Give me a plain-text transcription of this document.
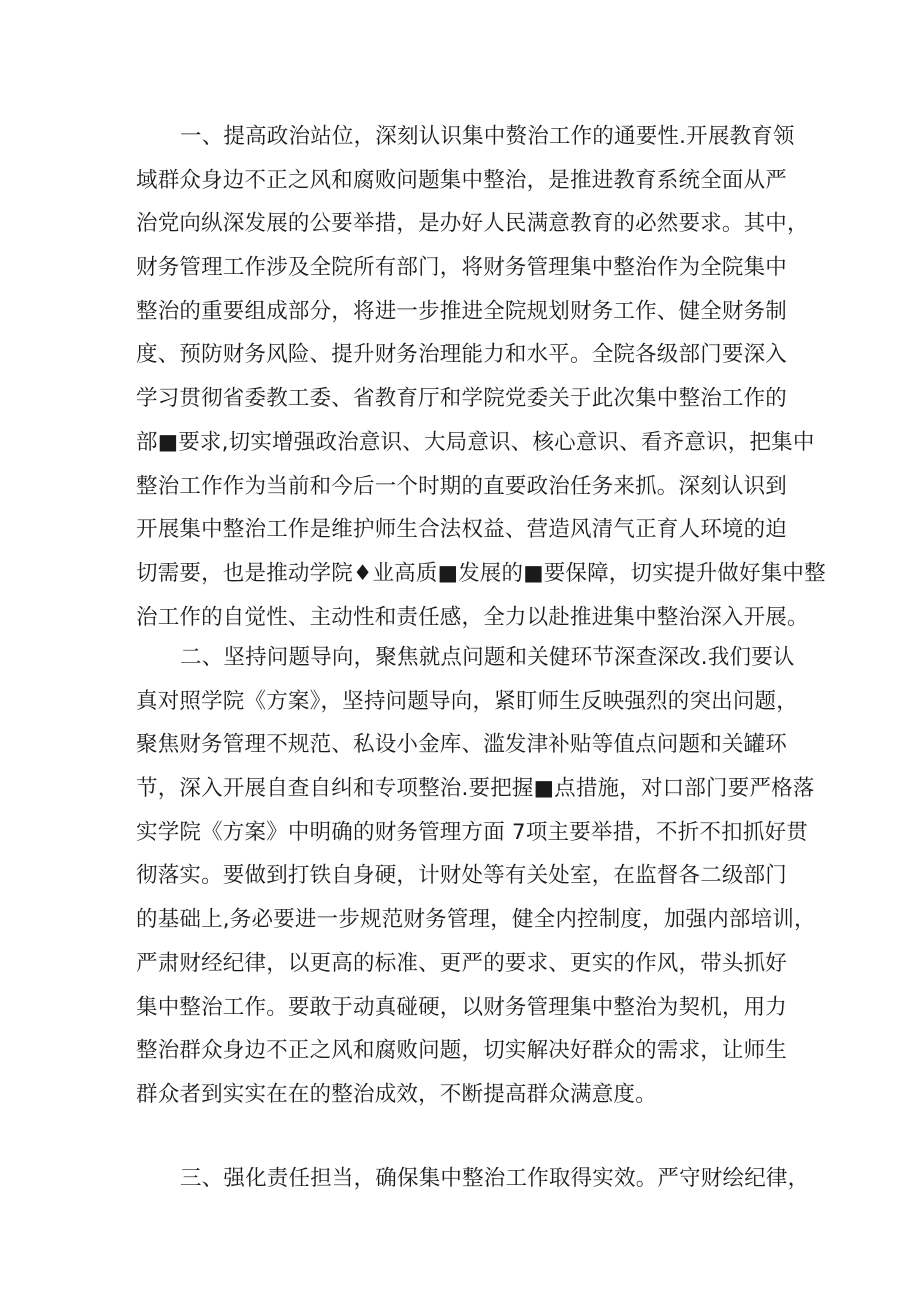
一、提高政治站位，深刻认识集中赘治工作的通要性.开展教育领
域群众身边不正之风和腐败问题集中整治，是推进教育系统全面从严
治党向纵深发展的公要举措，是办好人民满意教育的必然要求。其中，
财务管理工作涉及全院所有部门，将财务管理集中整治作为全院集中
整治的重要组成部分，将进一步推进全院规划财务工作、健全财务制
度、预防财务风险、提升财务治理能力和水平。全院各级部门要深入
学习贯彻省委教工委、省教育厅和学院党委关于此次集中整治工作的
部■要求,切实增强政治意识、大局意识、核心意识、看齐意识，把集中
整治工作作为当前和今后一个时期的直要政治任务来抓。深刻认识到
开展集中整治工作是维护师生合法权益、营造风清气正育人环境的迫
切需要，也是推动学院♦业高质■发展的■要保障，切实提升做好集中整
治工作的自觉性、主动性和责任感，全力以赴推进集中整治深入开展。
二、坚持问题导向，聚焦就点问题和关健环节深查深改.我们要认
真对照学院《方案》，坚持问题导向，紧盯师生反映强烈的突出问题，
聚焦财务管理不规范、私设小金库、滥发津补贴等值点问题和关罐环
节，深入开展自查自纠和专项整治.要把握■点措施，对口部门要严格落
实学院《方案》中明确的财务管理方面 7项主要举措，不折不扣抓好贯
彻落实。要做到打铁自身硬，计财处等有关处室，在监督各二级部门
的基础上,务必要进一步规范财务管理，健全内控制度，加强内部培训，
严肃财经纪律，以更高的标准、更严的要求、更实的作风，带头抓好
集中整治工作。要敢于动真碰硬，以财务管理集中整治为契机，用力
整治群众身边不正之风和腐败问题，切实解决好群众的需求，让师生
群众者到实实在在的整治成效，不断提高群众满意度。
三、强化责任担当，确保集中整治工作取得实效。严守财绘纪律，
